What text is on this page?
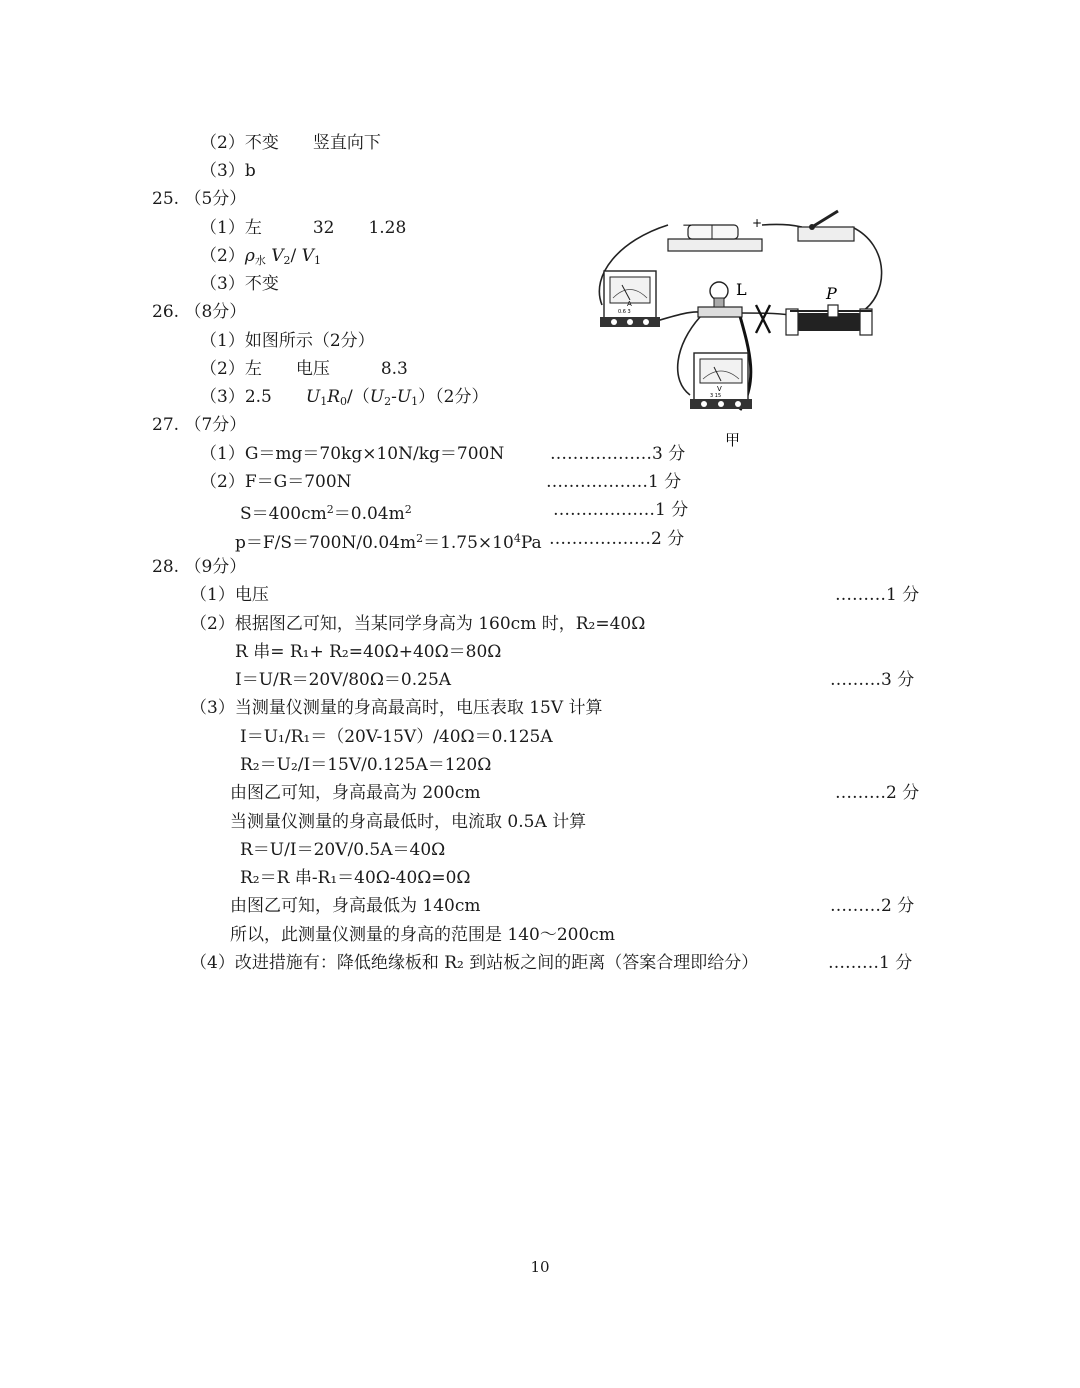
（2）不变　　竖直向下
（3）b
25. （5分）
（1）左　　　32　　1.28
$(2)\rho_水$ $V_2/$ $V_1$
（3）不变
26. （8分）
（1）如图所示（2分）
（2）左　　电压　　　8.3
（3）2.5　　$U_1R_0/(U_2-U_1)(2$分）
27. （7分）
（1）G＝mg＝70kg×10N/kg＝700N	………………3 分
（2）F＝G＝700N	………………1 分
$S=400cm^2=0.04m^2$	………………1 分
$p=F/S=700N/0.04m^2=1.75\times 10^4Pa$ ………………2 分
28. （9分）
（1）电压	………1 分
（2）根据图乙可知，当某同学身高为 160cm 时，R₂=40Ω
R 串= R₁+ R₂=40Ω+40Ω＝80Ω
I＝U/R＝20V/80Ω＝0.25A	………3 分
（3）当测量仪测量的身高最高时，电压表取 15V 计算
I＝U₁/R₁＝（20V-15V）/40Ω＝0.125A
R₂＝U₂/I＝15V/0.125A＝120Ω
由图乙可知，身高最高为 200cm	………2 分
当测量仪测量的身高最低时，电流取 0.5A 计算
R＝U/I＝20V/0.5A＝40Ω
R₂＝R 串-R₁＝40Ω-40Ω=0Ω
由图乙可知，身高最低为 140cm	………2 分
所以，此测量仪测量的身高的范围是 140～200cm
（4）改进措施有：降低绝缘板和 R₂ 到站板之间的距离（答案合理即给分）	………1 分
−	+
A
0.6 3
L	P
V
3 15
甲
10
